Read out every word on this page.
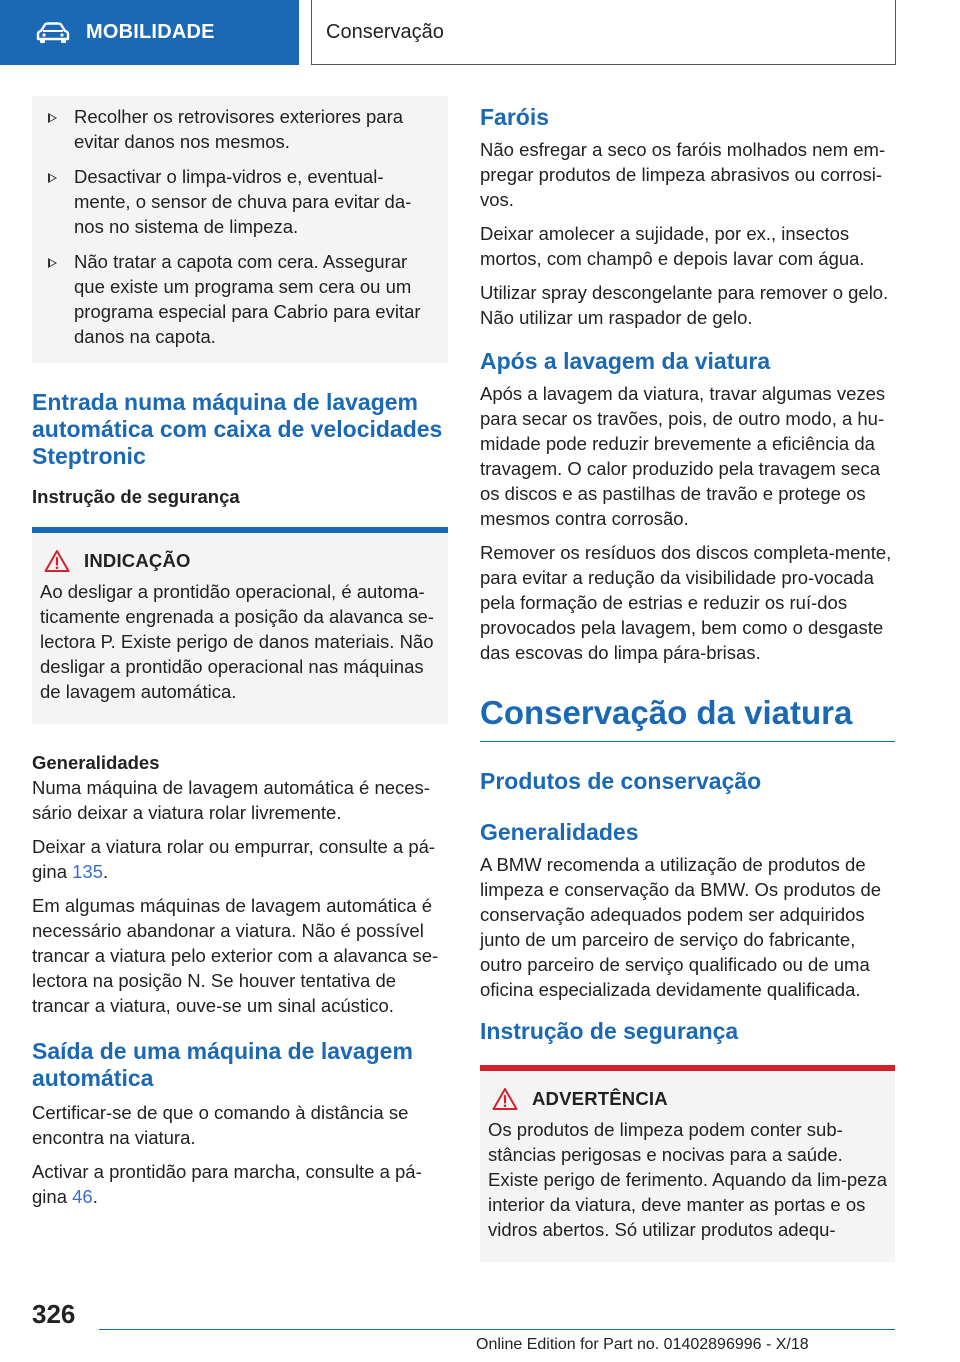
MOBILIDADE	Conservação
Recolher os retrovisores exteriores para evitar danos nos mesmos.
Desactivar o limpa-vidros e, eventual-mente, o sensor de chuva para evitar da-nos no sistema de limpeza.
Não tratar a capota com cera. Assegurar que existe um programa sem cera ou um programa especial para Cabrio para evitar danos na capota.
Entrada numa máquina de lavagem automática com caixa de velocidades Steptronic
Instrução de segurança
INDICAÇÃO

Ao desligar a prontidão operacional, é automa-ticamente engrenada a posição da alavanca se-lectora P. Existe perigo de danos materiais. Não desligar a prontidão operacional nas máquinas de lavagem automática.

Generalidades

Numa máquina de lavagem automática é neces-sário deixar a viatura rolar livremente.

Deixar a viatura rolar ou empurrar, consulte a pá-gina 135.

Em algumas máquinas de lavagem automática é necessário abandonar a viatura. Não é possível trancar a viatura pelo exterior com a alavanca se-lectora na posição N. Se houver tentativa de trancar a viatura, ouve-se um sinal acústico.

Saída de uma máquina de lavagem automática

Certificar-se de que o comando à distância se encontra na viatura.

Activar a prontidão para marcha, consulte a pá-gina 46.

Faróis

Não esfregar a seco os faróis molhados nem em-pregar produtos de limpeza abrasivos ou corrosi-vos.

Deixar amolecer a sujidade, por ex., insectos mortos, com champô e depois lavar com água.

Utilizar spray descongelante para remover o gelo. Não utilizar um raspador de gelo.

Após a lavagem da viatura

Após a lavagem da viatura, travar algumas vezes para secar os travões, pois, de outro modo, a hu-midade pode reduzir brevemente a eficiência da travagem. O calor produzido pela travagem seca os discos e as pastilhas de travão e protege os mesmos contra corrosão.

Remover os resíduos dos discos completa-mente, para evitar a redução da visibilidade pro-vocada pela formação de estrias e reduzir os ruí-dos provocados pela lavagem, bem como o desgaste das escovas do limpa pára-brisas.

Conservação da viatura
Produtos de conservação
Generalidades

A BMW recomenda a utilização de produtos de limpeza e conservação da BMW. Os produtos de conservação adequados podem ser adquiridos junto de um parceiro de serviço do fabricante, outro parceiro de serviço qualificado ou de uma oficina especializada devidamente qualificada.

Instrução de segurança
ADVERTÊNCIA

Os produtos de limpeza podem conter sub-stâncias perigosas e nocivas para a saúde. Existe perigo de ferimento. Aquando da lim-peza interior da viatura, deve manter as portas e os vidros abertos. Só utilizar produtos adequ-

326
Online Edition for Part no. 01402896996 - X/18
